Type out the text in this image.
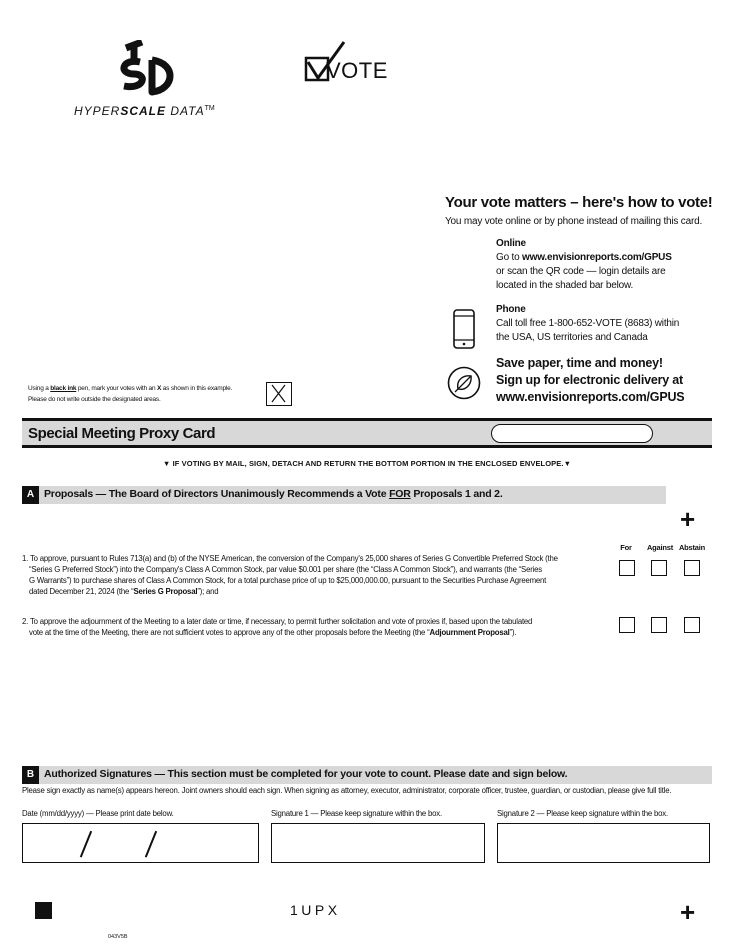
HYPERSCALE DATA™
VOTE
Your vote matters – here's how to vote!
You may vote online or by phone instead of mailing this card.
Online
Go to www.envisionreports.com/GPUS
or scan the QR code — login details are
located in the shaded bar below.
Phone
Call toll free 1-800-652-VOTE (8683) within
the USA, US territories and Canada
Save paper, time and money!
Sign up for electronic delivery at
www.envisionreports.com/GPUS
Using a black ink pen, mark your votes with an X as shown in this example.
Please do not write outside the designated areas.
Special Meeting Proxy Card
▼ IF VOTING BY MAIL, SIGN, DETACH AND RETURN THE BOTTOM PORTION IN THE ENCLOSED ENVELOPE.▼
A Proposals — The Board of Directors Unanimously Recommends a Vote FOR Proposals 1 and 2.
+
For	Against Abstain
1. To approve, pursuant to Rules 713(a) and (b) of the NYSE American, the conversion of the Company's 25,000 shares of Series G Convertible Preferred Stock (the
“Series G Preferred Stock”) into the Company's Class A Common Stock, par value $0.001 per share (the “Class A Common Stock”), and warrants (the “Series
G Warrants”) to purchase shares of Class A Common Stock, for a total purchase price of up to $25,000,000.00, pursuant to the Securities Purchase Agreement
dated December 21, 2024 (the “Series G Proposal”); and
2. To approve the adjournment of the Meeting to a later date or time, if necessary, to permit further solicitation and vote of proxies if, based upon the tabulated
vote at the time of the Meeting, there are not sufficient votes to approve any of the other proposals before the Meeting (the “Adjournment Proposal”).
B Authorized Signatures — This section must be completed for your vote to count. Please date and sign below.
Please sign exactly as name(s) appears hereon. Joint owners should each sign. When signing as attorney, executor, administrator, corporate officer, trustee, guardian, or custodian, please give full title.
Date (mm/dd/yyyy) — Please print date below.	Signature 1 — Please keep signature within the box.	Signature 2 — Please keep signature within the box.
1UPX	+
043V5B
